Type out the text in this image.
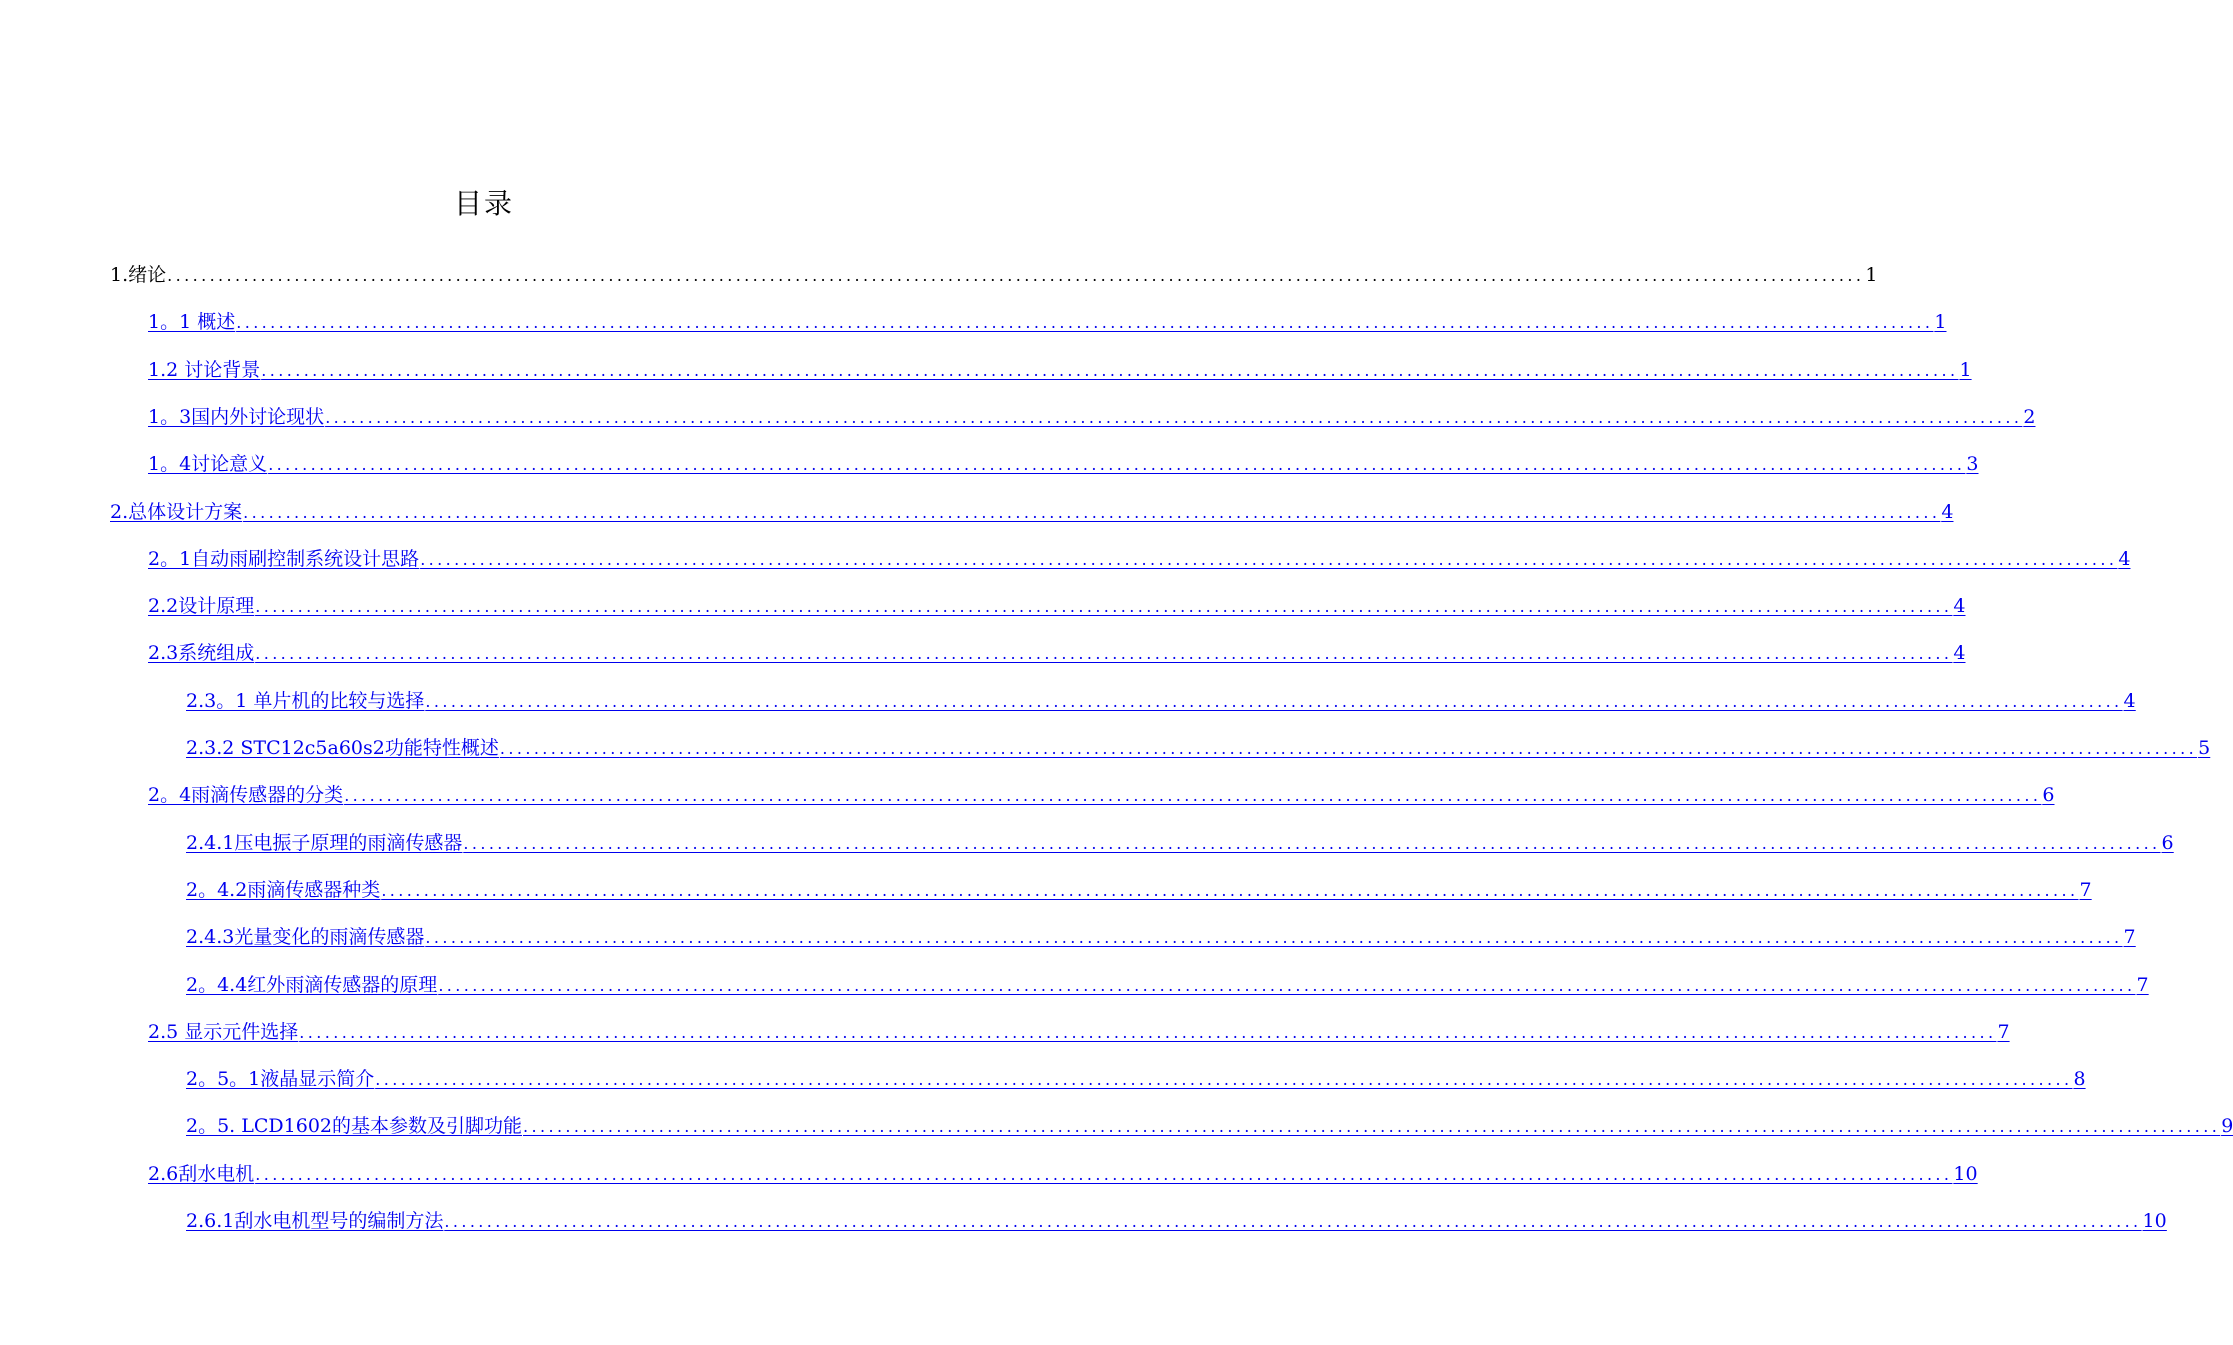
目录
1.绪论 ........................................................................................................................................................................................................ 1
1。1 概述 ........................................................................................................................................................................................................ 1
1.2 讨论背景 ........................................................................................................................................................................................................ 1
1。3国内外讨论现状 ........................................................................................................................................................................................................ 2
1。4讨论意义 ........................................................................................................................................................................................................ 3
2.总体设计方案 ........................................................................................................................................................................................................ 4
2。1自动雨刷控制系统设计思路 ........................................................................................................................................................................................................ 4
2.2设计原理 ........................................................................................................................................................................................................ 4
2.3系统组成 ........................................................................................................................................................................................................ 4
2.3。1 单片机的比较与选择 ........................................................................................................................................................................................................ 4
2.3.2 STC12c5a60s2功能特性概述 ........................................................................................................................................................................................................ 5
2。4雨滴传感器的分类 ........................................................................................................................................................................................................ 6
2.4.1压电振子原理的雨滴传感器 ........................................................................................................................................................................................................ 6
2。4.2雨滴传感器种类 ........................................................................................................................................................................................................ 7
2.4.3光量变化的雨滴传感器 ........................................................................................................................................................................................................ 7
2。4.4红外雨滴传感器的原理 ........................................................................................................................................................................................................ 7
2.5 显示元件选择 ........................................................................................................................................................................................................ 7
2。5。1液晶显示简介 ........................................................................................................................................................................................................ 8
2。5. LCD1602的基本参数及引脚功能 ........................................................................................................................................................................................................ 9
2.6刮水电机 ........................................................................................................................................................................................................ 10
2.6.1刮水电机型号的编制方法 ........................................................................................................................................................................................................ 10
